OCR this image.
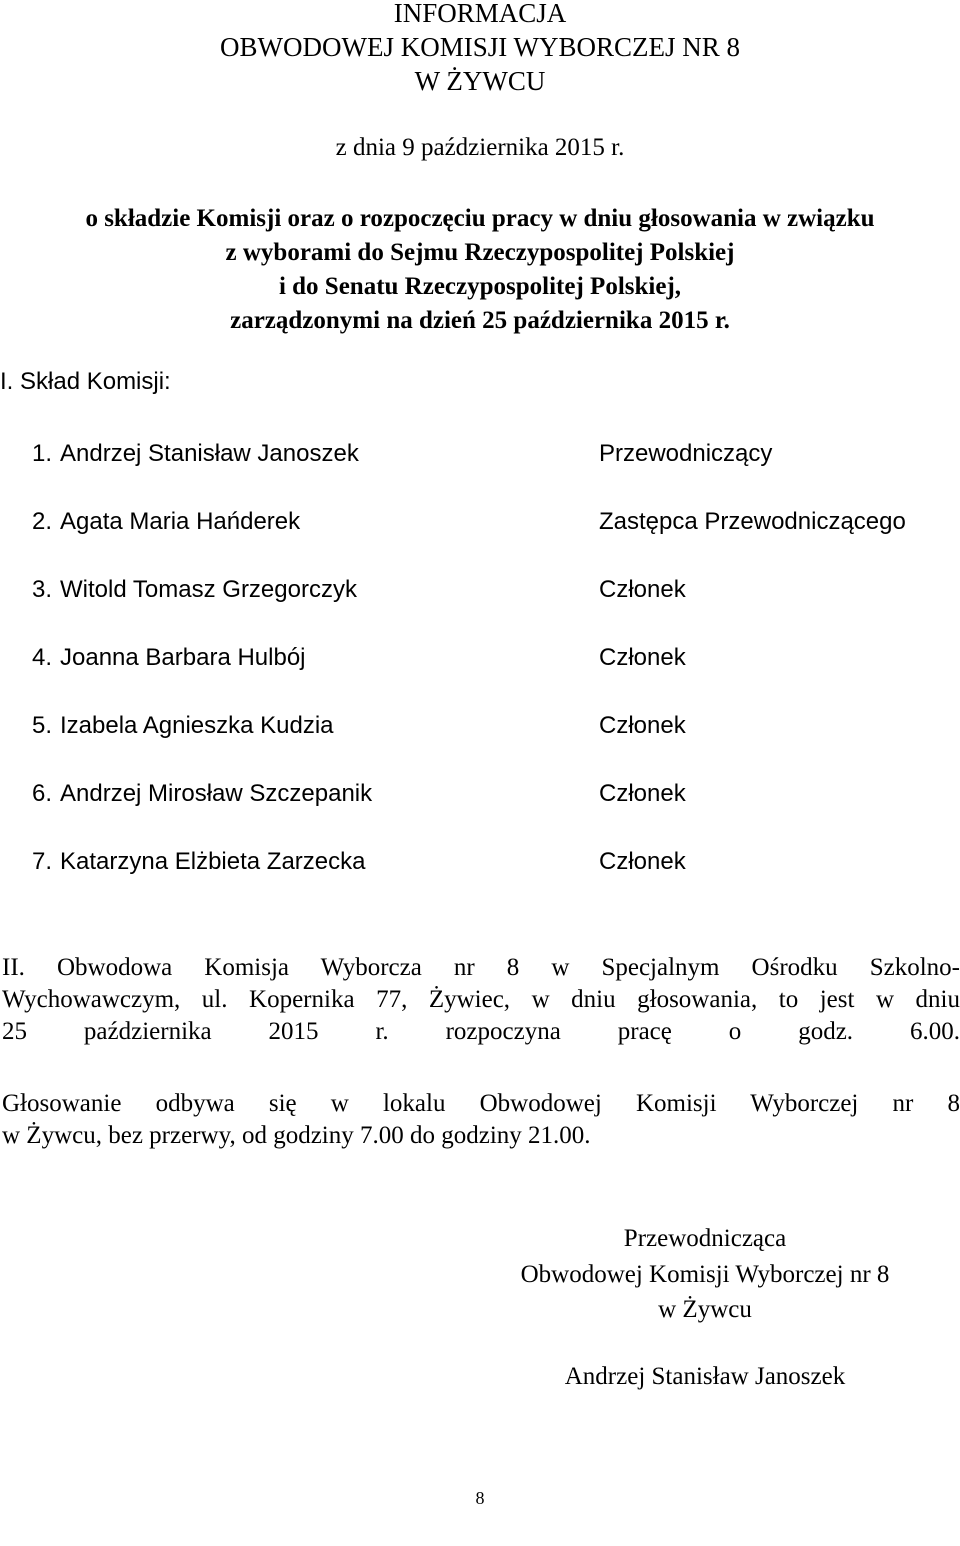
INFORMACJA
OBWODOWEJ KOMISJI WYBORCZEJ NR 8
W ŻYWCU
z dnia 9 października 2015 r.
o składzie Komisji oraz o rozpoczęciu pracy w dniu głosowania w związku
z wyborami do Sejmu Rzeczypospolitej Polskiej
i do Senatu Rzeczypospolitej Polskiej,
zarządzonymi na dzień 25 października 2015 r.
I. Skład Komisji:
1. Andrzej Stanisław Janoszek	Przewodniczący
2. Agata Maria Hańderek	Zastępca Przewodniczącego
3. Witold Tomasz Grzegorczyk	Członek
4. Joanna Barbara Hulbój	Członek
5. Izabela Agnieszka Kudzia	Członek
6. Andrzej Mirosław Szczepanik	Członek
7. Katarzyna Elżbieta Zarzecka	Członek
II. Obwodowa Komisja Wyborcza nr 8 w Specjalnym Ośrodku Szkolno-
Wychowawczym, ul. Kopernika 77, Żywiec, w dniu głosowania, to jest w dniu
25 października 2015 r. rozpoczyna pracę o godz. 6.00.
Głosowanie odbywa się w lokalu Obwodowej Komisji Wyborczej nr 8
w Żywcu, bez przerwy, od godziny 7.00 do godziny 21.00.
Przewodnicząca
Obwodowej Komisji Wyborczej nr 8
w Żywcu
Andrzej Stanisław Janoszek
8
